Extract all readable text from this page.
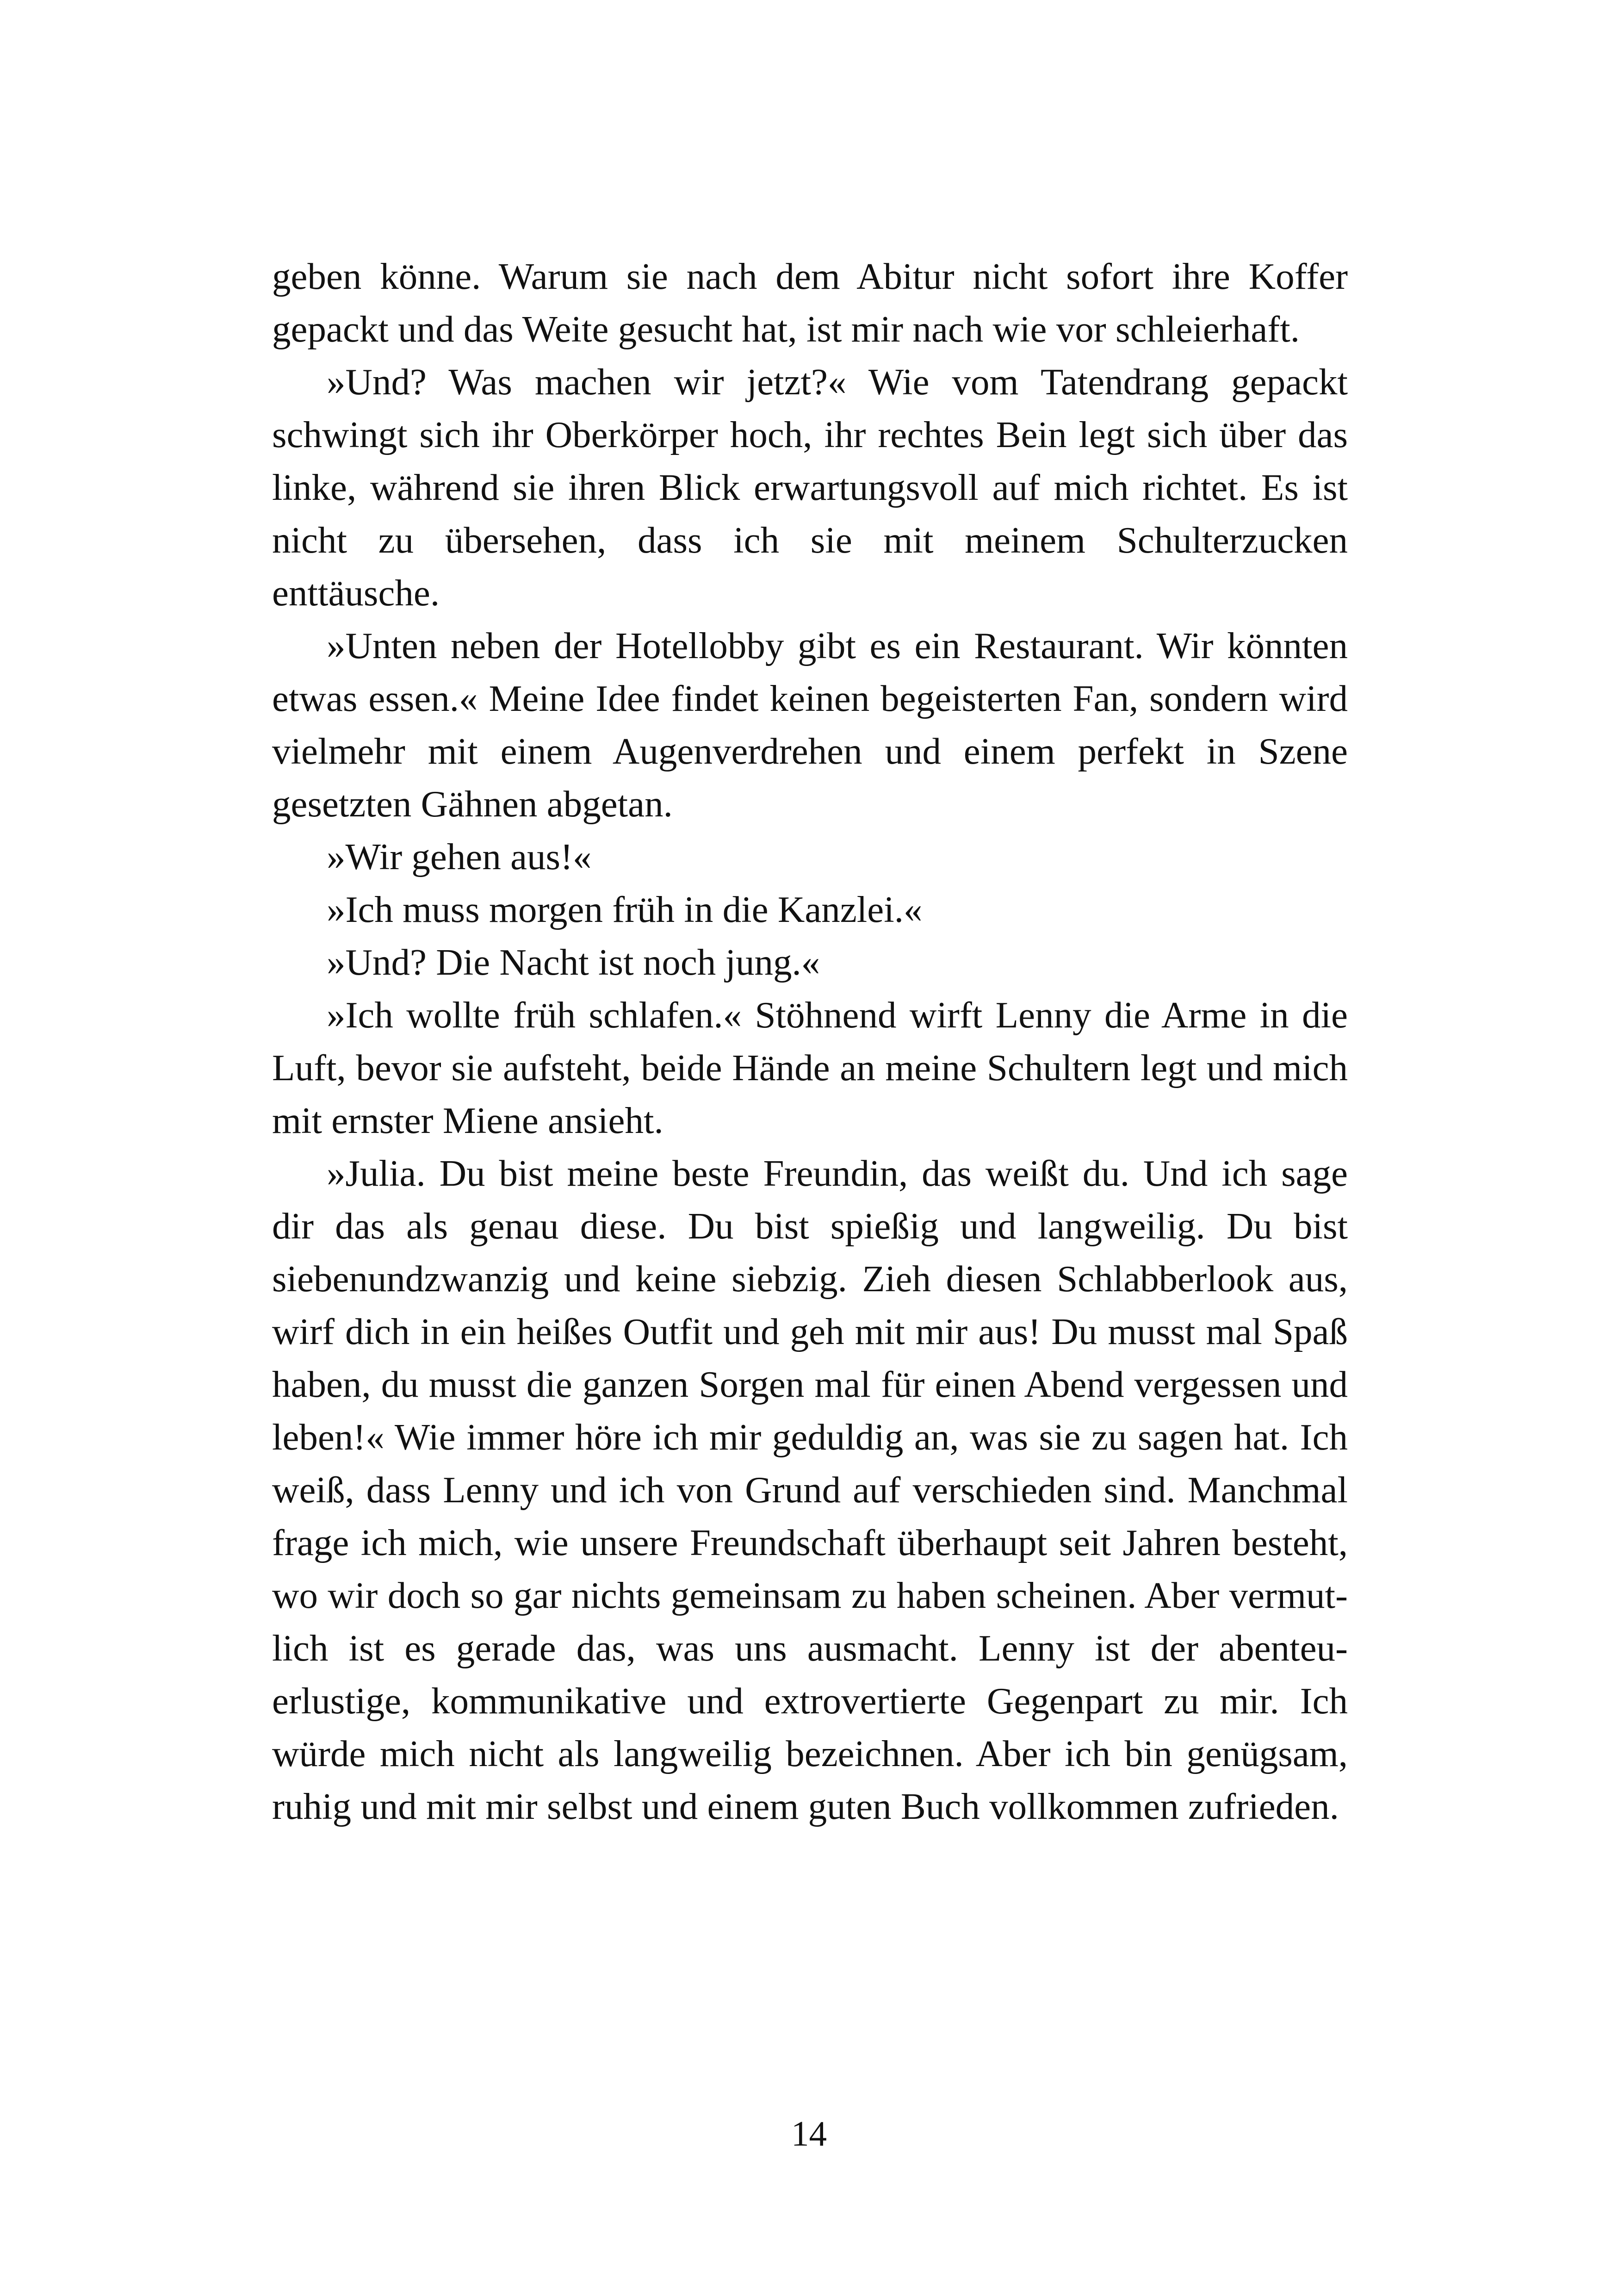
geben könne. Warum sie nach dem Abitur nicht sofort ihre Koffer gepackt und das Weite gesucht hat, ist mir nach wie vor schleierhaft.

»Und? Was machen wir jetzt?« Wie vom Tatendrang gepackt schwingt sich ihr Oberkörper hoch, ihr rechtes Bein legt sich über das linke, während sie ihren Blick erwartungsvoll auf mich richtet. Es ist nicht zu übersehen, dass ich sie mit meinem Schulterzucken enttäusche.

»Unten neben der Hotellobby gibt es ein Restaurant. Wir könnten etwas essen.« Meine Idee findet keinen begeisterten Fan, sondern wird vielmehr mit einem Augenverdrehen und einem perfekt in Szene gesetzten Gähnen abgetan.

»Wir gehen aus!«

»Ich muss morgen früh in die Kanzlei.«

»Und? Die Nacht ist noch jung.«

»Ich wollte früh schlafen.« Stöhnend wirft Lenny die Arme in die Luft, bevor sie aufsteht, beide Hände an meine Schultern legt und mich mit ernster Miene ansieht.

»Julia. Du bist meine beste Freundin, das weißt du. Und ich sage dir das als genau diese. Du bist spießig und langweilig. Du bist siebenundzwanzig und keine siebzig. Zieh diesen Schlabberlook aus, wirf dich in ein heißes Outfit und geh mit mir aus! Du musst mal Spaß haben, du musst die ganzen Sorgen mal für einen Abend vergessen und leben!« Wie immer höre ich mir geduldig an, was sie zu sagen hat. Ich weiß, dass Lenny und ich von Grund auf verschieden sind. Manchmal frage ich mich, wie unsere Freundschaft überhaupt seit Jahren besteht, wo wir doch so gar nichts gemeinsam zu haben scheinen. Aber vermutlich ist es gerade das, was uns ausmacht. Lenny ist der abenteuerlustige, kommunikative und extrovertierte Gegenpart zu mir. Ich würde mich nicht als langweilig bezeichnen. Aber ich bin genügsam, ruhig und mit mir selbst und einem guten Buch vollkommen zufrieden.

14
